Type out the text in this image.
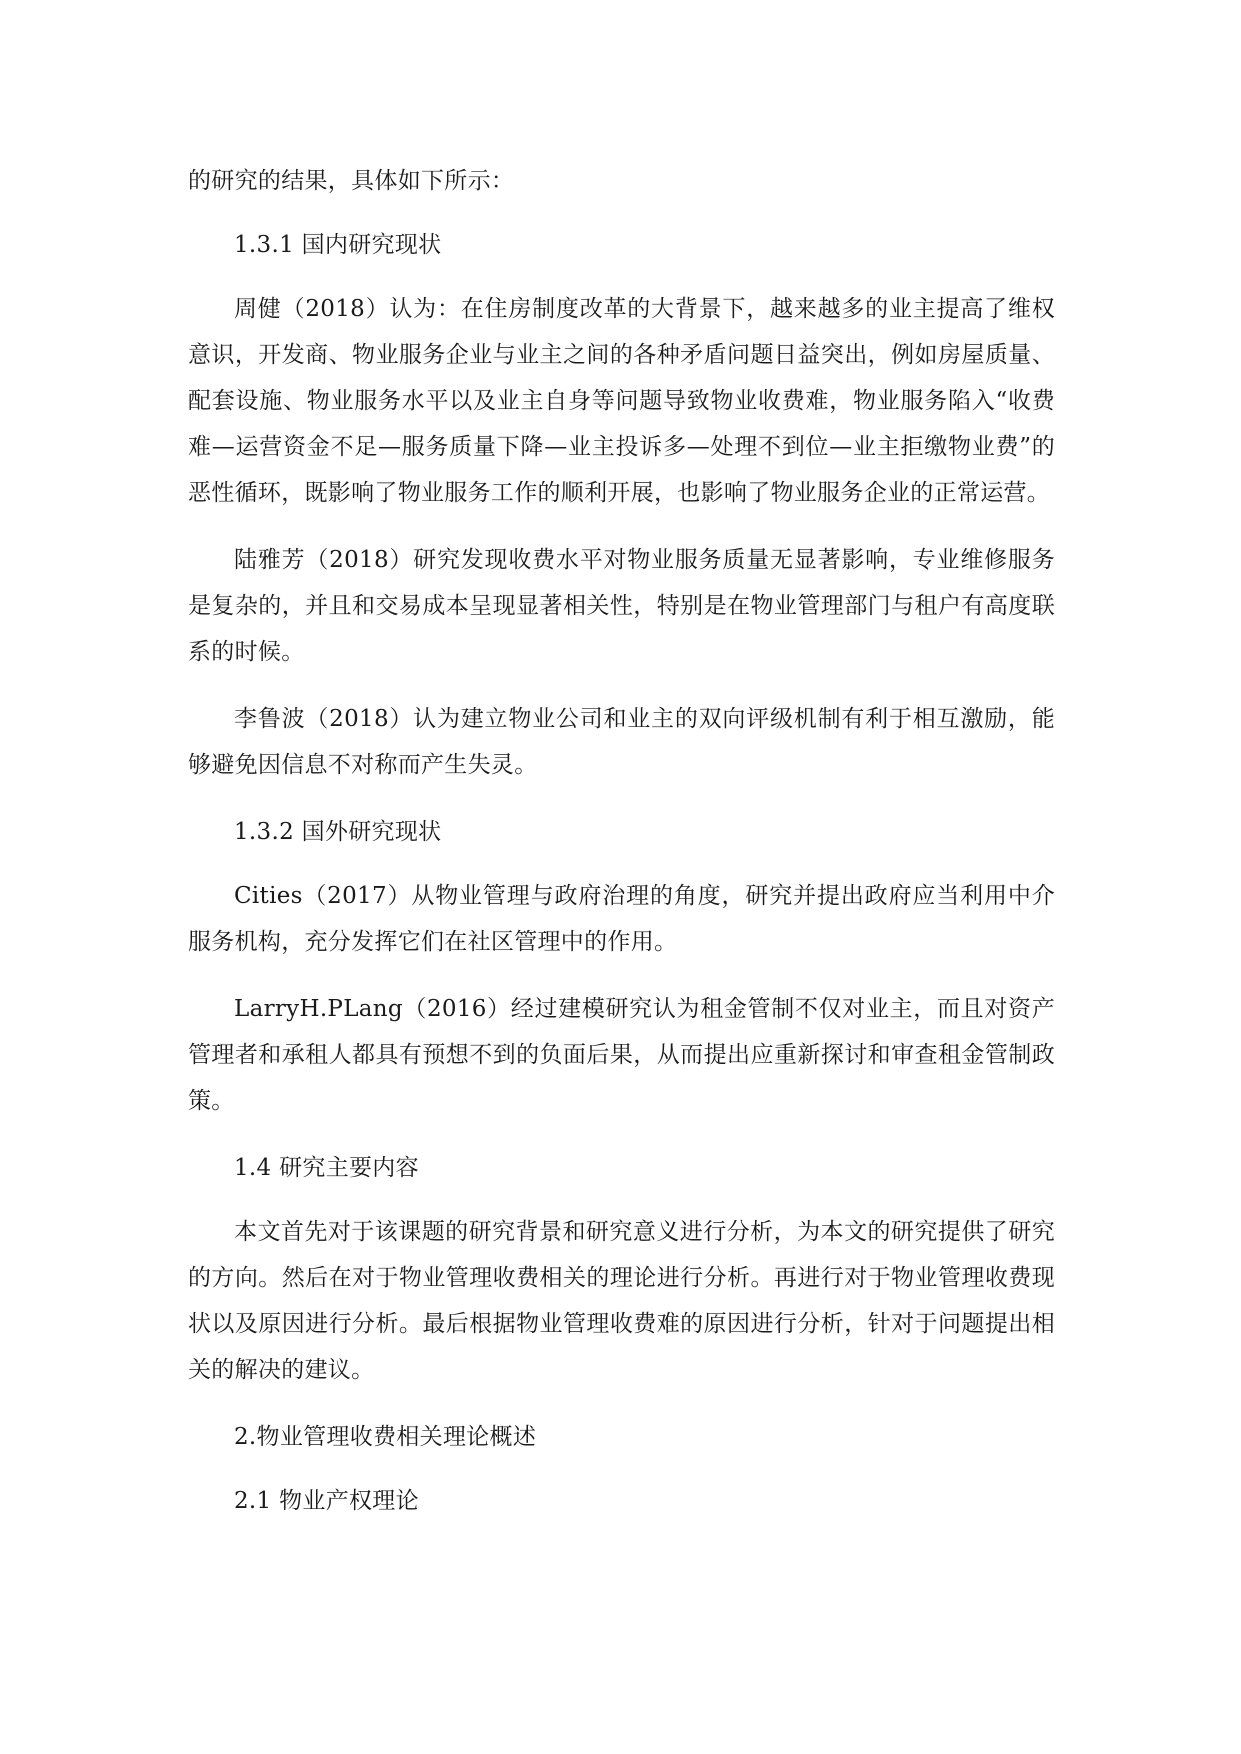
的研究的结果，具体如下所示：

1.3.1 国内研究现状

周健（2018）认为：在住房制度改革的大背景下，越来越多的业主提高了维权意识，开发商、物业服务企业与业主之间的各种矛盾问题日益突出，例如房屋质量、配套设施、物业服务水平以及业主自身等问题导致物业收费难，物业服务陷入“收费难—运营资金不足—服务质量下降—业主投诉多—处理不到位—业主拒缴物业费”的恶性循环，既影响了物业服务工作的顺利开展，也影响了物业服务企业的正常运营。

陆雅芳（2018）研究发现收费水平对物业服务质量无显著影响，专业维修服务是复杂的，并且和交易成本呈现显著相关性，特别是在物业管理部门与租户有高度联系的时候。

李鲁波（2018）认为建立物业公司和业主的双向评级机制有利于相互激励，能够避免因信息不对称而产生失灵。

1.3.2 国外研究现状

Cities（2017）从物业管理与政府治理的角度，研究并提出政府应当利用中介服务机构，充分发挥它们在社区管理中的作用。

LarryH.PLang（2016）经过建模研究认为租金管制不仅对业主，而且对资产管理者和承租人都具有预想不到的负面后果，从而提出应重新探讨和审查租金管制政策。

1.4 研究主要内容

本文首先对于该课题的研究背景和研究意义进行分析，为本文的研究提供了研究的方向。然后在对于物业管理收费相关的理论进行分析。再进行对于物业管理收费现状以及原因进行分析。最后根据物业管理收费难的原因进行分析，针对于问题提出相关的解决的建议。

2.物业管理收费相关理论概述

2.1 物业产权理论
